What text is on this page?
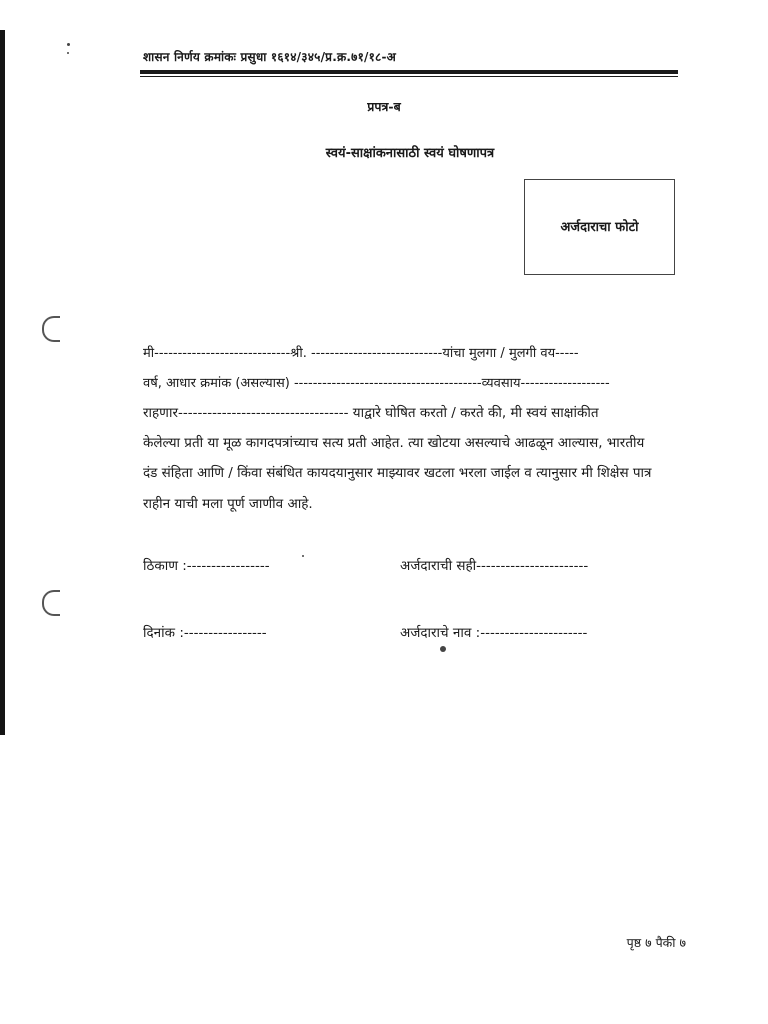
शासन निर्णय क्रमांकः प्रसुधा १६१४/३४५/प्र.क्र.७१/१८-अ
प्रपत्र-ब
स्वयं-साक्षांकनासाठी स्वयं घोषणापत्र
अर्जदाराचा फोटो
मी-----------------------------श्री. ----------------------------यांचा मुलगा / मुलगी वय-----
वर्ष, आधार क्रमांक (असल्यास) ----------------------------------------व्यवसाय-------------------
राहणार----------------------------------- याद्वारे घोषित करतो / करते की, मी स्वयं साक्षांकीत
केलेल्या प्रती या मूळ कागदपत्रांच्याच सत्य प्रती आहेत. त्या खोटया असल्याचे आढळून आल्यास, भारतीय
दंड संहिता आणि / किंवा संबंधित कायदयानुसार माझ्यावर खटला भरला जाईल व त्यानुसार मी शिक्षेस पात्र
राहीन याची मला पूर्ण जाणीव आहे.
ठिकाण :-----------------	अर्जदाराची सही-----------------------
दिनांक :-----------------	अर्जदाराचे नाव :----------------------
पृष्ठ ७ पैकी ७
